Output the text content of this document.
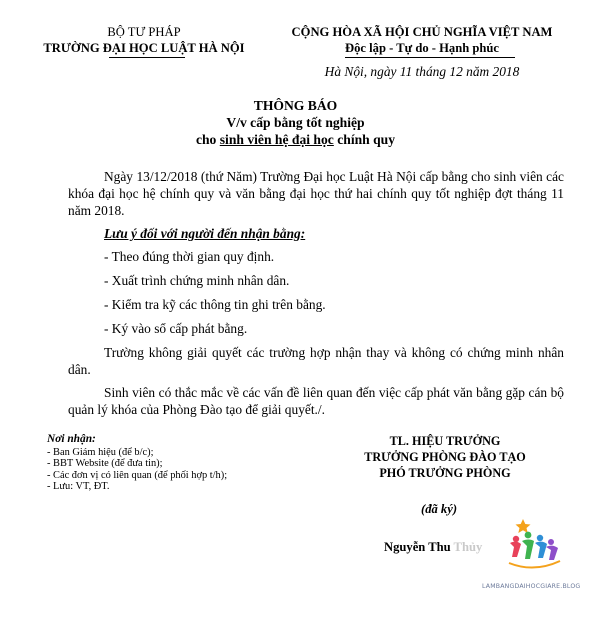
BỘ TƯ PHÁP
TRƯỜNG ĐẠI HỌC LUẬT HÀ NỘI
CỘNG HÒA XÃ HỘI CHỦ NGHĨA VIỆT NAM
Độc lập - Tự do - Hạnh phúc
Hà Nội, ngày 11 tháng 12 năm 2018
THÔNG BÁO
V/v cấp bằng tốt nghiệp
cho sinh viên hệ đại học chính quy
Ngày 13/12/2018 (thứ Năm) Trường Đại học Luật Hà Nội cấp bằng cho sinh viên các khóa đại học hệ chính quy và văn bằng đại học thứ hai chính quy tốt nghiệp đợt tháng 11 năm 2018.
Lưu ý đối với người đến nhận bằng:
- Theo đúng thời gian quy định.
- Xuất trình chứng minh nhân dân.
- Kiểm tra kỹ các thông tin ghi trên bằng.
- Ký vào sổ cấp phát bằng.
Trường không giải quyết các trường hợp nhận thay và không có chứng minh nhân dân.
Sinh viên có thắc mắc về các vấn đề liên quan đến việc cấp phát văn bằng gặp cán bộ quản lý khóa của Phòng Đào tạo để giải quyết./.
Nơi nhận:
- Ban Giám hiệu (để b/c);
- BBT Website (để đưa tin);
- Các đơn vị có liên quan (để phối hợp t/h);
- Lưu: VT, ĐT.
TL. HIỆU TRƯỞNG
TRƯỞNG PHÒNG ĐÀO TẠO
PHÓ TRƯỞNG PHÒNG
(đã ký)
Nguyễn Thu Thủy
LAMBANGDAIHOCGIARE.BLOG
